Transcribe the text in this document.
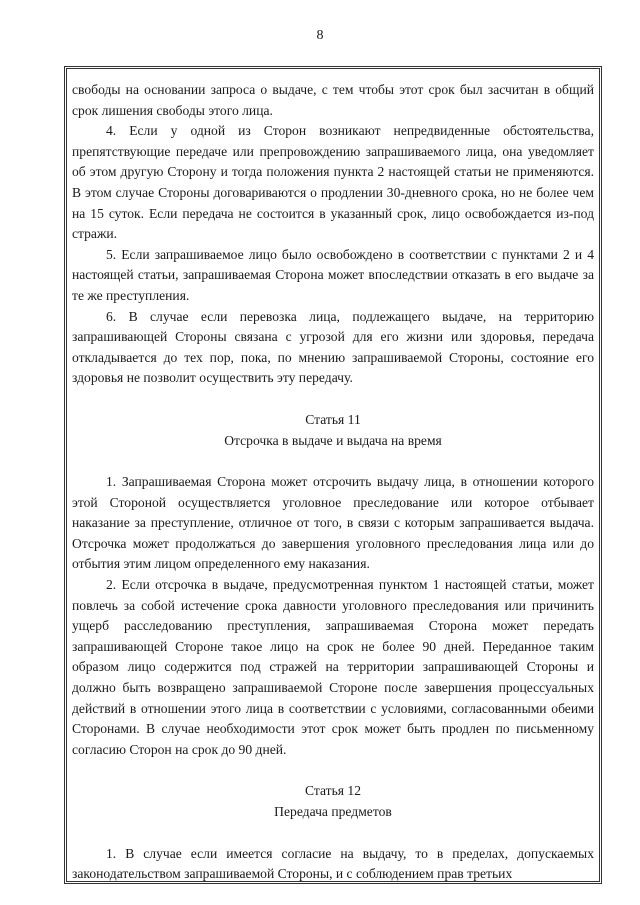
8

свободы на основании запроса о выдаче, с тем чтобы этот срок был засчитан в общий срок лишения свободы этого лица.

4. Если у одной из Сторон возникают непредвиденные обстоятельства, препятствующие передаче или препровождению запрашиваемого лица, она уведомляет об этом другую Сторону и тогда положения пункта 2 настоящей статьи не применяются. В этом случае Стороны договариваются о продлении 30-дневного срока, но не более чем на 15 суток. Если передача не состоится в указанный срок, лицо освобождается из-под стражи.

5. Если запрашиваемое лицо было освобождено в соответствии с пунктами 2 и 4 настоящей статьи, запрашиваемая Сторона может впоследствии отказать в его выдаче за те же преступления.

6. В случае если перевозка лица, подлежащего выдаче, на территорию запрашивающей Стороны связана с угрозой для его жизни или здоровья, передача откладывается до тех пор, пока, по мнению запрашиваемой Стороны, состояние его здоровья не позволит осуществить эту передачу.

Статья 11
Отсрочка в выдаче и выдача на время

1. Запрашиваемая Сторона может отсрочить выдачу лица, в отношении которого этой Стороной осуществляется уголовное преследование или которое отбывает наказание за преступление, отличное от того, в связи с которым запрашивается выдача. Отсрочка может продолжаться до завершения уголовного преследования лица или до отбытия этим лицом определенного ему наказания.

2. Если отсрочка в выдаче, предусмотренная пунктом 1 настоящей статьи, может повлечь за собой истечение срока давности уголовного преследования или причинить ущерб расследованию преступления, запрашиваемая Сторона может передать запрашивающей Стороне такое лицо на срок не более 90 дней. Переданное таким образом лицо содержится под стражей на территории запрашивающей Стороны и должно быть возвращено запрашиваемой Стороне после завершения процессуальных действий в отношении этого лица в соответствии с условиями, согласованными обеими Сторонами. В случае необходимости этот срок может быть продлен по письменному согласию Сторон на срок до 90 дней.

Статья 12
Передача предметов

1. В случае если имеется согласие на выдачу, то в пределах, допускаемых законодательством запрашиваемой Стороны, и с соблюдением прав третьих
